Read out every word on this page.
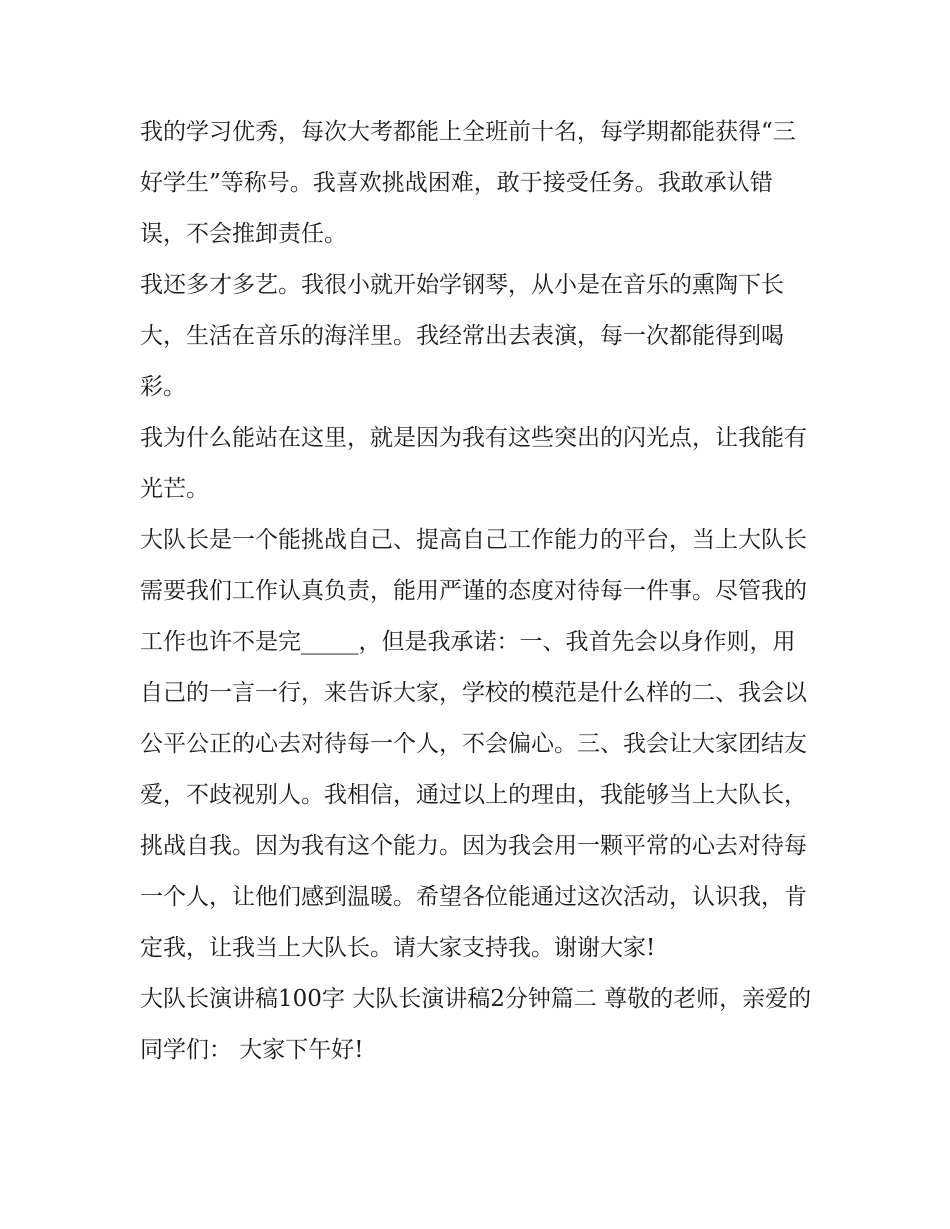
我的学习优秀，每次大考都能上全班前十名，每学期都能获得“三好学生”等称号。我喜欢挑战困难，敢于接受任务。我敢承认错误，不会推卸责任。

我还多才多艺。我很小就开始学钢琴，从小是在音乐的熏陶下长大，生活在音乐的海洋里。我经常出去表演，每一次都能得到喝彩。

我为什么能站在这里，就是因为我有这些突出的闪光点，让我能有光芒。

大队长是一个能挑战自己、提高自己工作能力的平台，当上大队长需要我们工作认真负责，能用严谨的态度对待每一件事。尽管我的工作也许不是完_____，但是我承诺：一、我首先会以身作则，用自己的一言一行，来告诉大家，学校的模范是什么样的二、我会以公平公正的心去对待每一个人，不会偏心。三、我会让大家团结友爱，不歧视别人。我相信，通过以上的理由，我能够当上大队长，挑战自我。因为我有这个能力。因为我会用一颗平常的心去对待每一个人，让他们感到温暖。希望各位能通过这次活动，认识我，肯定我，让我当上大队长。请大家支持我。谢谢大家!

大队长演讲稿100字 大队长演讲稿2分钟篇二 尊敬的老师，亲爱的同学们： 大家下午好!
